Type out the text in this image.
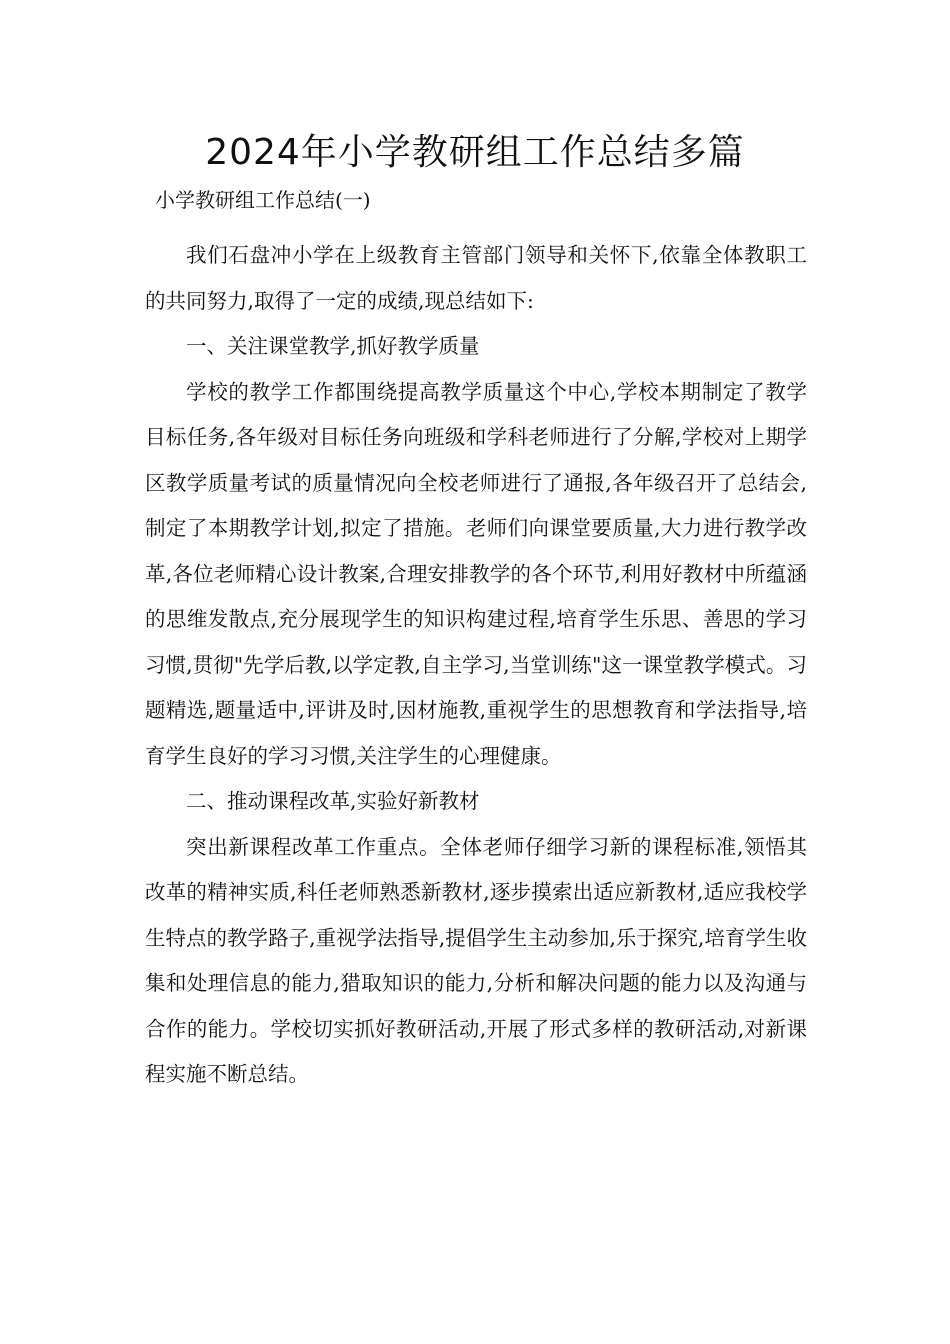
2024年小学教研组工作总结多篇

小学教研组工作总结(一)

我们石盘冲小学在上级教育主管部门领导和关怀下,依靠全体教职工的共同努力,取得了一定的成绩,现总结如下:

一、关注课堂教学,抓好教学质量

学校的教学工作都围绕提高教学质量这个中心,学校本期制定了教学目标任务,各年级对目标任务向班级和学科老师进行了分解,学校对上期学区教学质量考试的质量情况向全校老师进行了通报,各年级召开了总结会,制定了本期教学计划,拟定了措施。老师们向课堂要质量,大力进行教学改革,各位老师精心设计教案,合理安排教学的各个环节,利用好教材中所蕴涵的思维发散点,充分展现学生的知识构建过程,培育学生乐思、善思的学习习惯,贯彻"先学后教,以学定教,自主学习,当堂训练"这一课堂教学模式。习题精选,题量适中,评讲及时,因材施教,重视学生的思想教育和学法指导,培育学生良好的学习习惯,关注学生的心理健康。

二、推动课程改革,实验好新教材

突出新课程改革工作重点。全体老师仔细学习新的课程标准,领悟其改革的精神实质,科任老师熟悉新教材,逐步摸索出适应新教材,适应我校学生特点的教学路子,重视学法指导,提倡学生主动参加,乐于探究,培育学生收集和处理信息的能力,猎取知识的能力,分析和解决问题的能力以及沟通与合作的能力。学校切实抓好教研活动,开展了形式多样的教研活动,对新课程实施不断总结。
